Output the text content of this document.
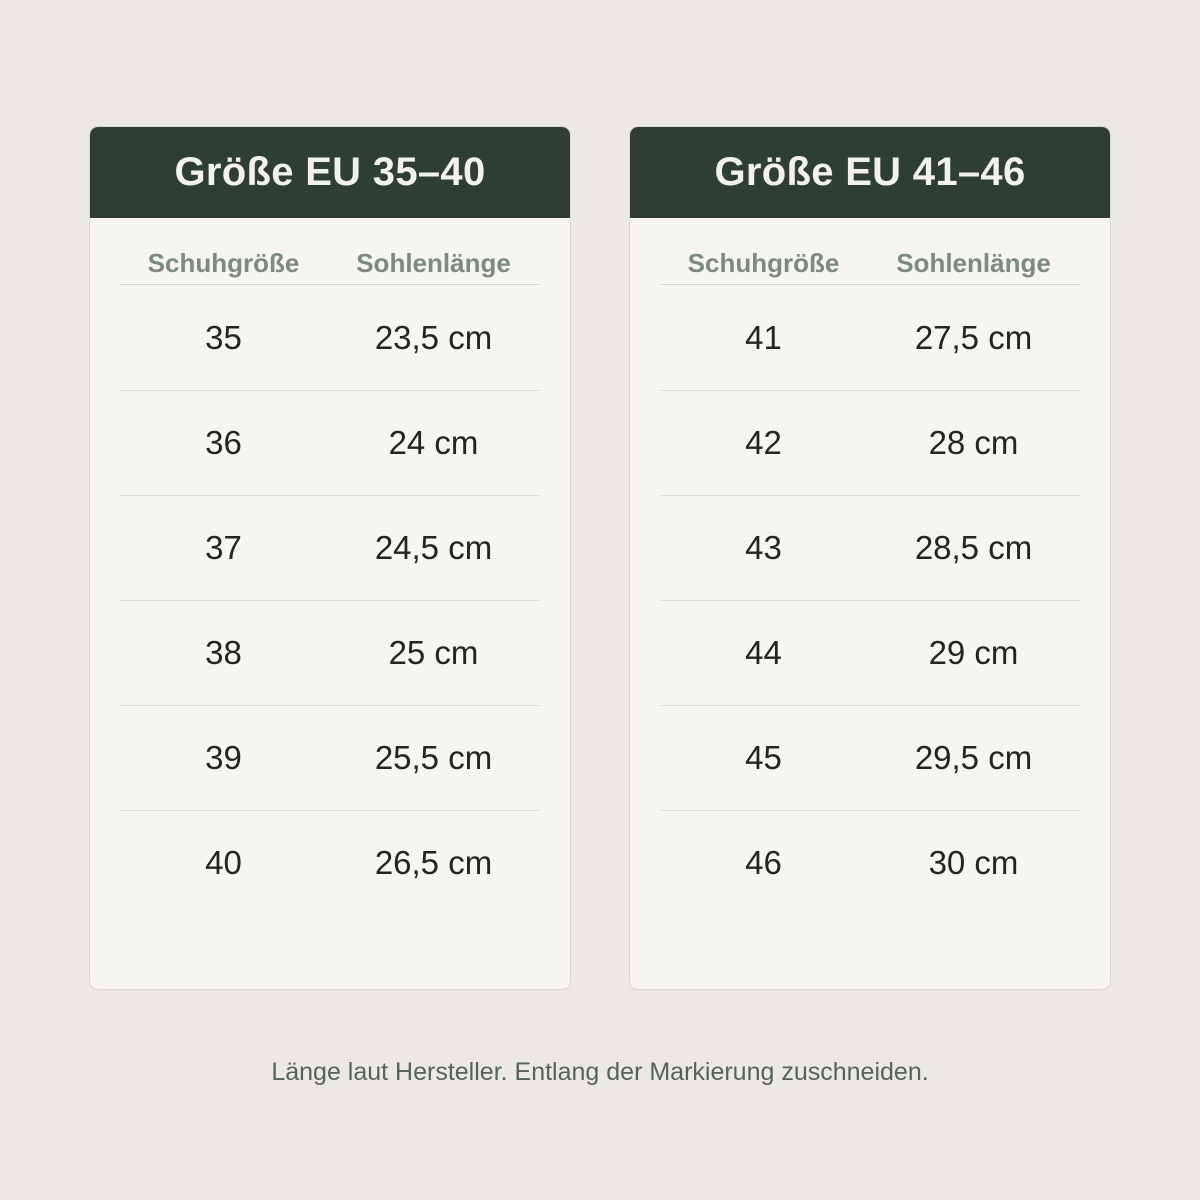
Größe EU 35–40
Schuhgröße	Sohlenlänge
35	23,5 cm
36	24 cm
37	24,5 cm
38	25 cm
39	25,5 cm
40	26,5 cm
Größe EU 41–46
Schuhgröße	Sohlenlänge
41	27,5 cm
42	28 cm
43	28,5 cm
44	29 cm
45	29,5 cm
46	30 cm
Länge laut Hersteller. Entlang der Markierung zuschneiden.
